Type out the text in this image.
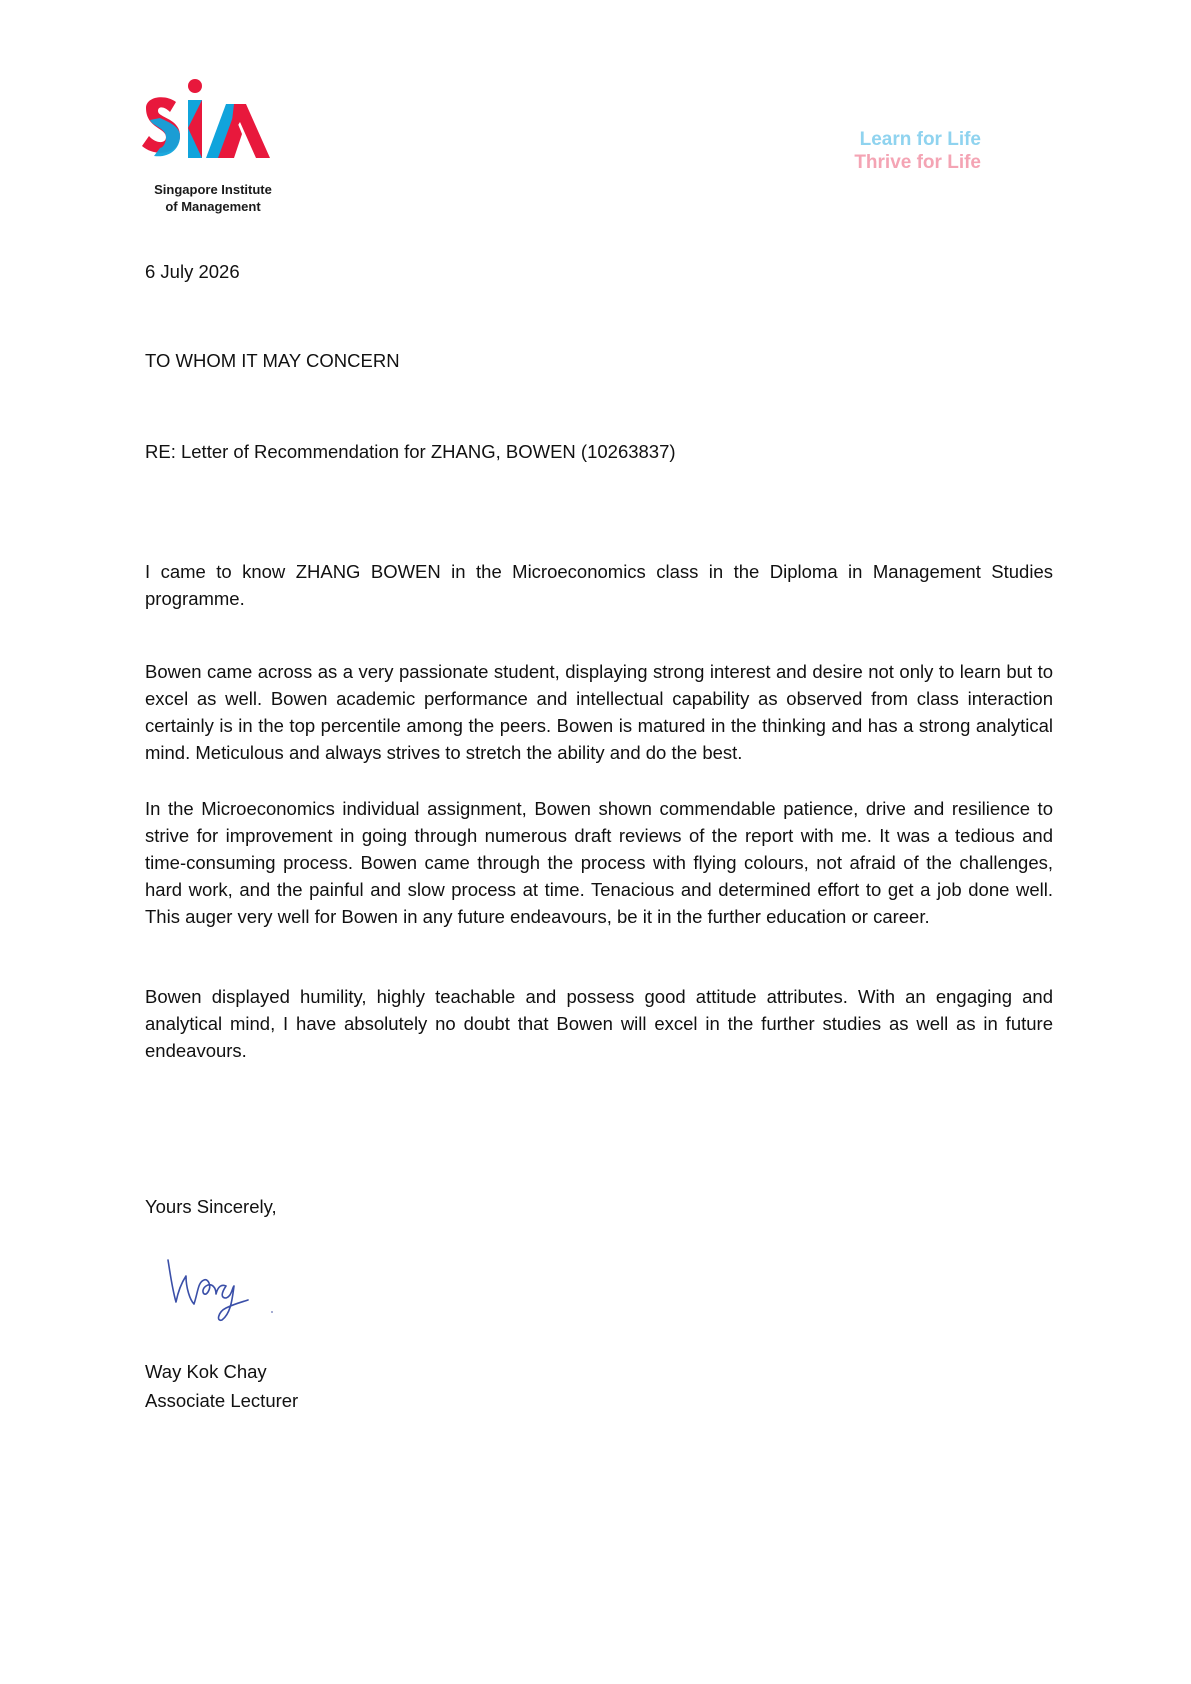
Singapore Institute
of Management
Learn for Life
Thrive for Life
6 July 2026
TO WHOM IT MAY CONCERN
RE: Letter of Recommendation for ZHANG, BOWEN (10263837)
I came to know ZHANG BOWEN in the Microeconomics class in the Diploma in Management Studies programme.
Bowen came across as a very passionate student, displaying strong interest and desire not only to learn but to excel as well. Bowen academic performance and intellectual capability as observed from class interaction certainly is in the top percentile among the peers. Bowen is matured in the thinking and has a strong analytical mind. Meticulous and always strives to stretch the ability and do the best.
In the Microeconomics individual assignment, Bowen shown commendable patience, drive and resilience to strive for improvement in going through numerous draft reviews of the report with me. It was a tedious and time-consuming process. Bowen came through the process with flying colours, not afraid of the challenges, hard work, and the painful and slow process at time. Tenacious and determined effort to get a job done well. This auger very well for Bowen in any future endeavours, be it in the further education or career.
Bowen displayed humility, highly teachable and possess good attitude attributes. With an engaging and analytical mind, I have absolutely no doubt that Bowen will excel in the further studies as well as in future endeavours.
Yours Sincerely,
Way Kok Chay
Associate Lecturer
